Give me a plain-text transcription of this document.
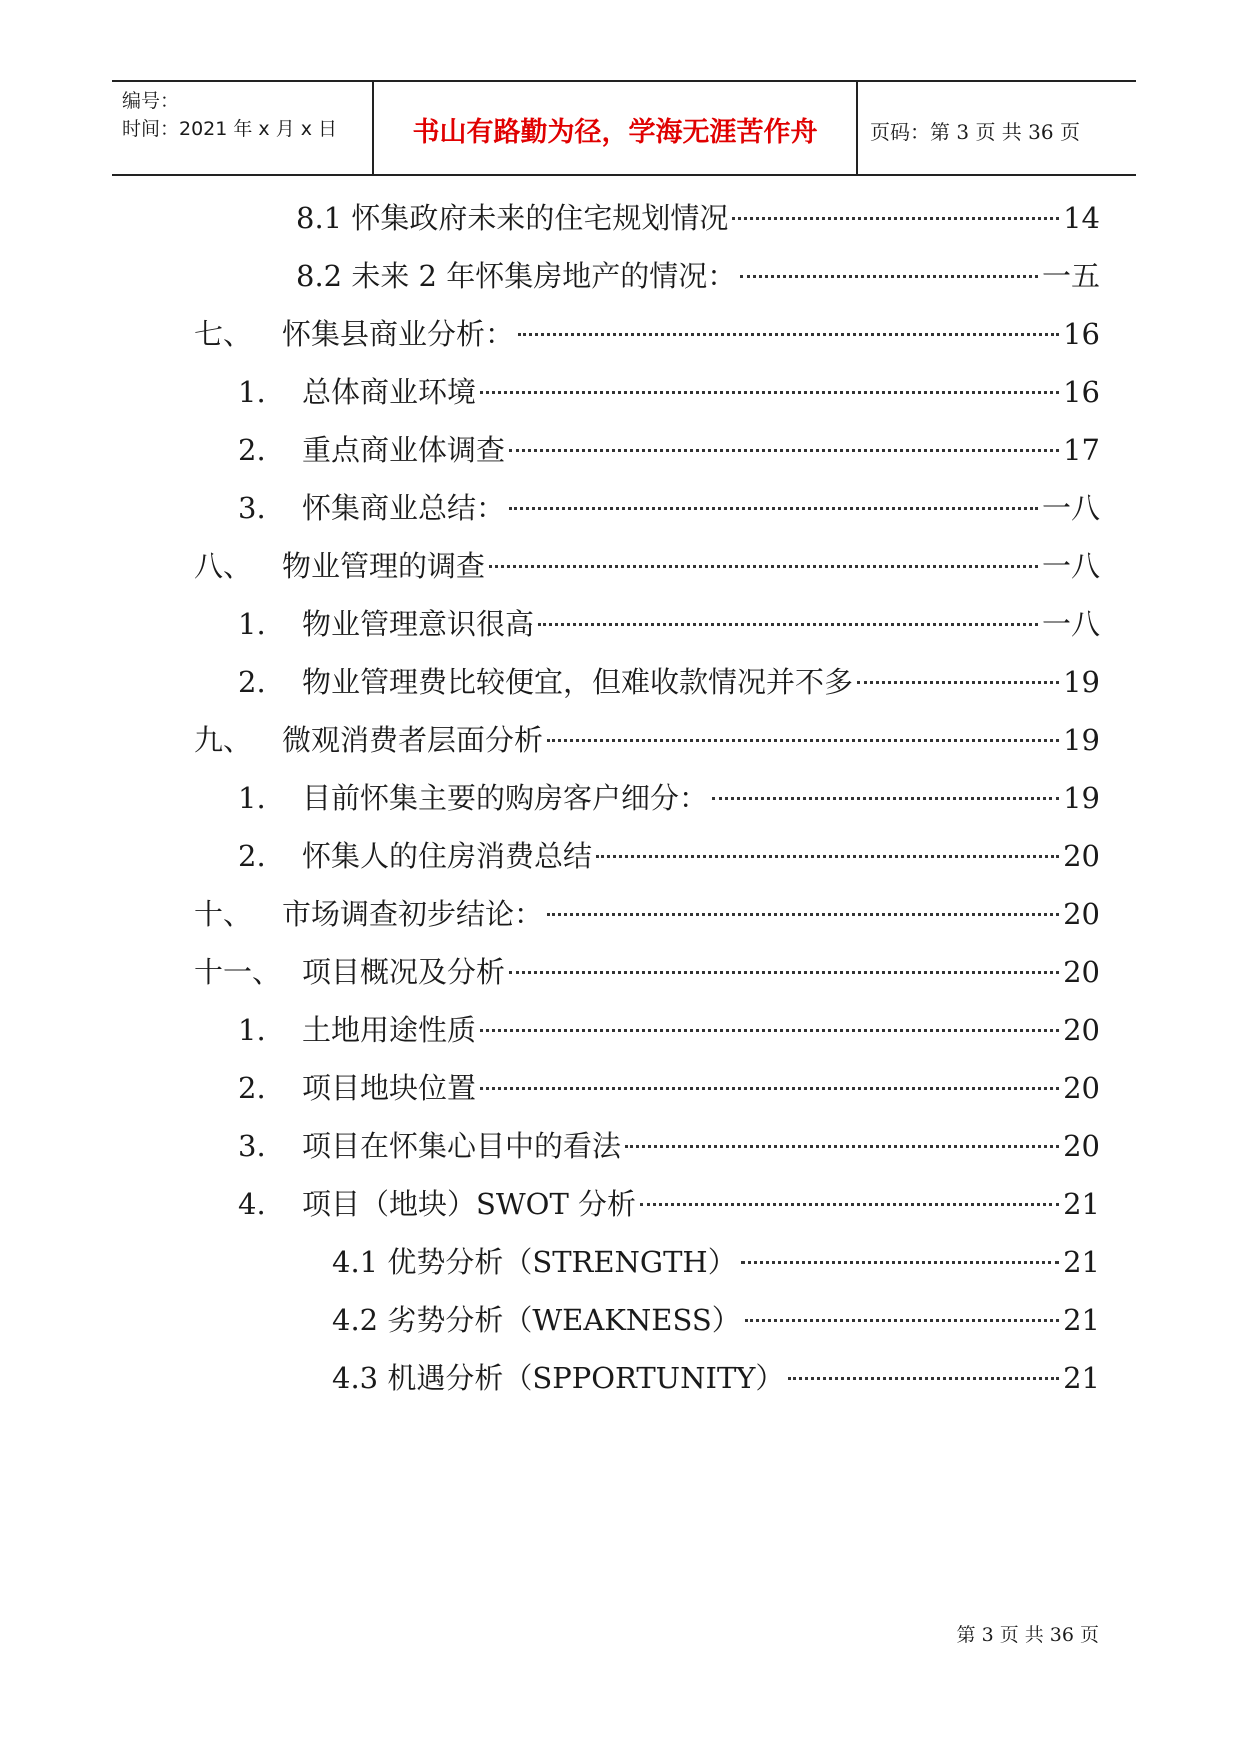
编号：
时间：2021 年 x 月 x 日	书山有路勤为径，学海无涯苦作舟	页码：第 3 页 共 36 页
8.1 怀集政府未来的住宅规划情况	14
8.2 未来 2 年怀集房地产的情况：	一五
七、	怀集县商业分析：	16
1.	总体商业环境	16
2.	重点商业体调查	17
3.	怀集商业总结：	一八
八、	物业管理的调查	一八
1.	物业管理意识很高	一八
2.	物业管理费比较便宜，但难收款情况并不多	19
九、	微观消费者层面分析	19
1.	目前怀集主要的购房客户细分：	19
2.	怀集人的住房消费总结	20
十、	市场调查初步结论：	20
十一、 项目概况及分析	20
1.	土地用途性质	20
2.	项目地块位置	20
3.	项目在怀集心目中的看法	20
4.	项目（地块）SWOT 分析	21
4.1 优势分析（STRENGTH）	21
4.2 劣势分析（WEAKNESS）	21
4.3 机遇分析（SPPORTUNITY）	21
第 3 页 共 36 页
